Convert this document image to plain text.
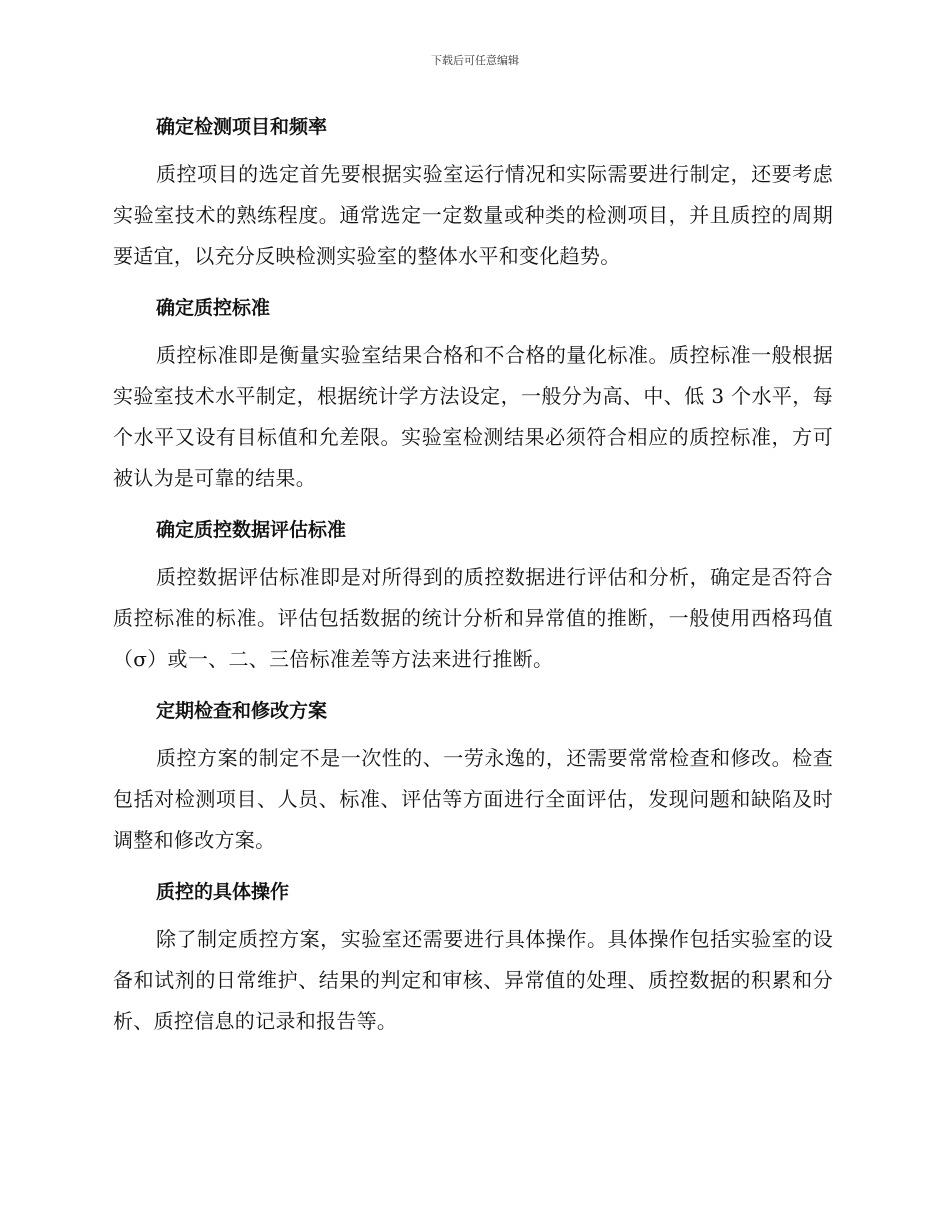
下载后可任意编辑
确定检测项目和频率

质控项目的选定首先要根据实验室运行情况和实际需要进行制定，还要考虑实验室技术的熟练程度。通常选定一定数量或种类的检测项目，并且质控的周期要适宜，以充分反映检测实验室的整体水平和变化趋势。

确定质控标准

质控标准即是衡量实验室结果合格和不合格的量化标准。质控标准一般根据实验室技术水平制定，根据统计学方法设定，一般分为高、中、低 3 个水平，每个水平又设有目标值和允差限。实验室检测结果必须符合相应的质控标准，方可被认为是可靠的结果。

确定质控数据评估标准

质控数据评估标准即是对所得到的质控数据进行评估和分析，确定是否符合质控标准的标准。评估包括数据的统计分析和异常值的推断，一般使用西格玛值（σ）或一、二、三倍标准差等方法来进行推断。

定期检查和修改方案

质控方案的制定不是一次性的、一劳永逸的，还需要常常检查和修改。检查包括对检测项目、人员、标准、评估等方面进行全面评估，发现问题和缺陷及时调整和修改方案。

质控的具体操作

除了制定质控方案，实验室还需要进行具体操作。具体操作包括实验室的设备和试剂的日常维护、结果的判定和审核、异常值的处理、质控数据的积累和分析、质控信息的记录和报告等。
